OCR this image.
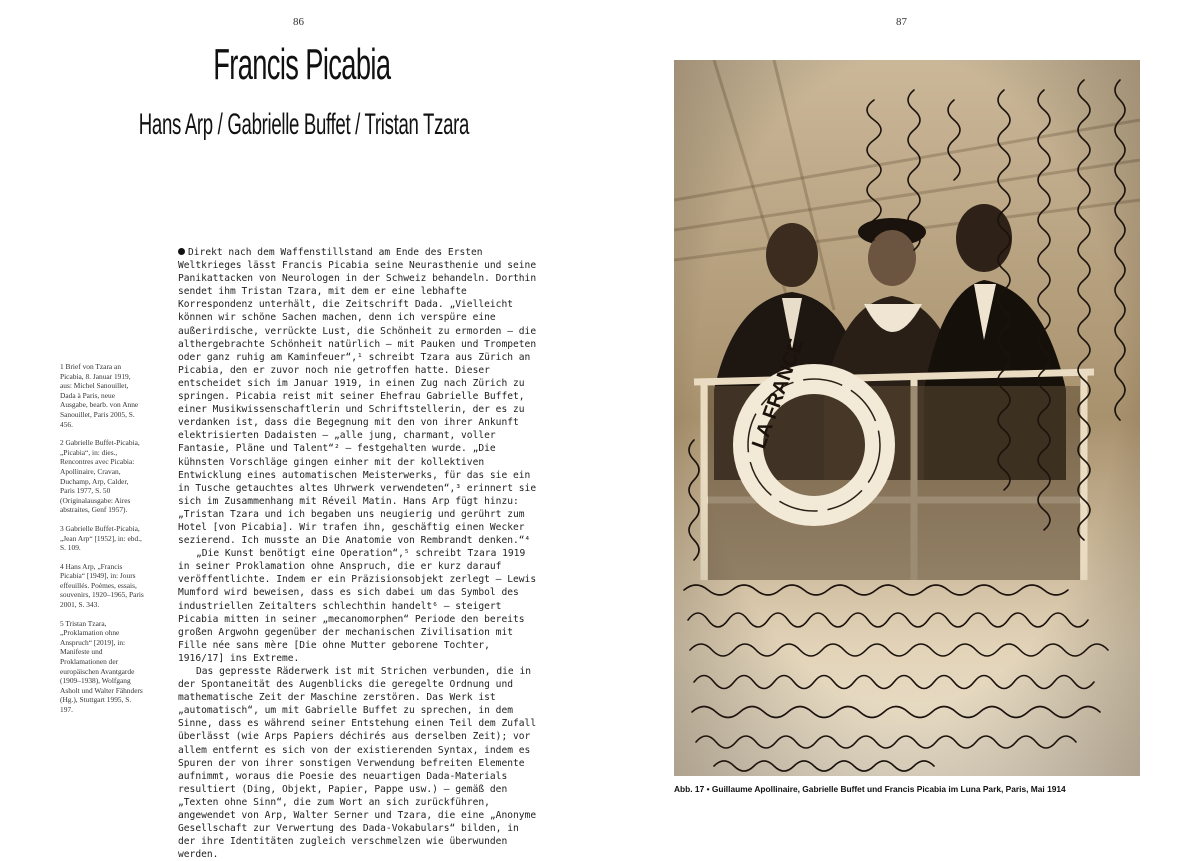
86
Francis Picabia
Hans Arp / Gabrielle Buffet / Tristan Tzara

1 Brief von Tzara an Picabia, 8. Januar 1919, aus: Michel Sanouillet, Dada à Paris, neue Ausgabe, bearb. von Anne Sanouillet, Paris 2005, S. 456.

2 Gabrielle Buffet-Picabia, „Picabia“, in: dies., Rencontres avec Picabia: Apollinaire, Cravan, Duchamp, Arp, Calder, Paris 1977, S. 50 (Originalausgabe: Aires abstraites, Genf 1957).

3 Gabrielle Buffet-Picabia, „Jean Arp“ [1952], in: ebd., S. 109.

4 Hans Arp, „Francis Picabia“ [1949], in: Jours effeuillés. Poèmes, essais, souvenirs, 1920–1965, Paris 2001, S. 343.

5 Tristan Tzara, „Proklamation ohne Anspruch“ [2019], in: Manifeste und Proklamationen der europäischen Avantgarde (1909–1938), Wolfgang Asholt und Walter Fähnders (Hg.), Stuttgart 1995, S. 197.

Direkt nach dem Waffenstillstand am Ende des Ersten Weltkrieges lässt Francis Picabia seine Neurasthenie und seine Panikattacken von Neurologen in der Schweiz behandeln. Dorthin sendet ihm Tristan Tzara, mit dem er eine lebhafte Korrespondenz unterhält, die Zeitschrift Dada. „Vielleicht können wir schöne Sachen machen, denn ich verspüre eine außerirdische, verrückte Lust, die Schönheit zu ermorden – die althergebrachte Schönheit natürlich – mit Pauken und Trompeten oder ganz ruhig am Kaminfeuer“,¹ schreibt Tzara aus Zürich an Picabia, den er zuvor noch nie getroffen hatte. Dieser entscheidet sich im Januar 1919, in einen Zug nach Zürich zu springen. Picabia reist mit seiner Ehefrau Gabrielle Buffet, einer Musikwissenschaftlerin und Schriftstellerin, der es zu verdanken ist, dass die Begegnung mit den von ihrer Ankunft elektrisierten Dadaisten – „alle jung, charmant, voller Fantasie, Pläne und Talent“² – festgehalten wurde. „Die kühnsten Vorschläge gingen einher mit der kollektiven Entwicklung eines automatischen Meisterwerks, für das sie ein in Tusche getauchtes altes Uhrwerk verwendeten“,³ erinnert sie sich im Zusammenhang mit Réveil Matin. Hans Arp fügt hinzu: „Tristan Tzara und ich begaben uns neugierig und gerührt zum Hotel [von Picabia]. Wir trafen ihn, geschäftig einen Wecker sezierend. Ich musste an Die Anatomie von Rembrandt denken.“⁴

„Die Kunst benötigt eine Operation“,⁵ schreibt Tzara 1919 in seiner Proklamation ohne Anspruch, die er kurz darauf veröffentlichte. Indem er ein Präzisionsobjekt zerlegt – Lewis Mumford wird beweisen, dass es sich dabei um das Symbol des industriellen Zeitalters schlechthin handelt⁶ – steigert Picabia mitten in seiner „mecanomorphen“ Periode den bereits großen Argwohn gegenüber der mechanischen Zivilisation mit Fille née sans mère [Die ohne Mutter geborene Tochter, 1916/17] ins Extreme.

Das gepresste Räderwerk ist mit Strichen verbunden, die in der Spontaneität des Augenblicks die geregelte Ordnung und mathematische Zeit der Maschine zerstören. Das Werk ist „automatisch“, um mit Gabrielle Buffet zu sprechen, in dem Sinne, dass es während seiner Entstehung einen Teil dem Zufall überlässt (wie Arps Papiers déchirés aus derselben Zeit); vor allem entfernt es sich von der existierenden Syntax, indem es Spuren der von ihrer sonstigen Verwendung befreiten Elemente aufnimmt, woraus die Poesie des neuartigen Dada-Materials resultiert (Ding, Objekt, Papier, Pappe usw.) – gemäß den „Texten ohne Sinn“, die zum Wort an sich zurückführen, angewendet von Arp, Walter Serner und Tzara, die eine „Anonyme Gesellschaft zur Verwertung des Dada-Vokabulars“ bilden, in der ihre Identitäten zugleich verschmelzen wie überwunden werden.

87
Abb. 17 • Guillaume Apollinaire, Gabrielle Buffet und Francis Picabia im Luna Park, Paris, Mai 1914
